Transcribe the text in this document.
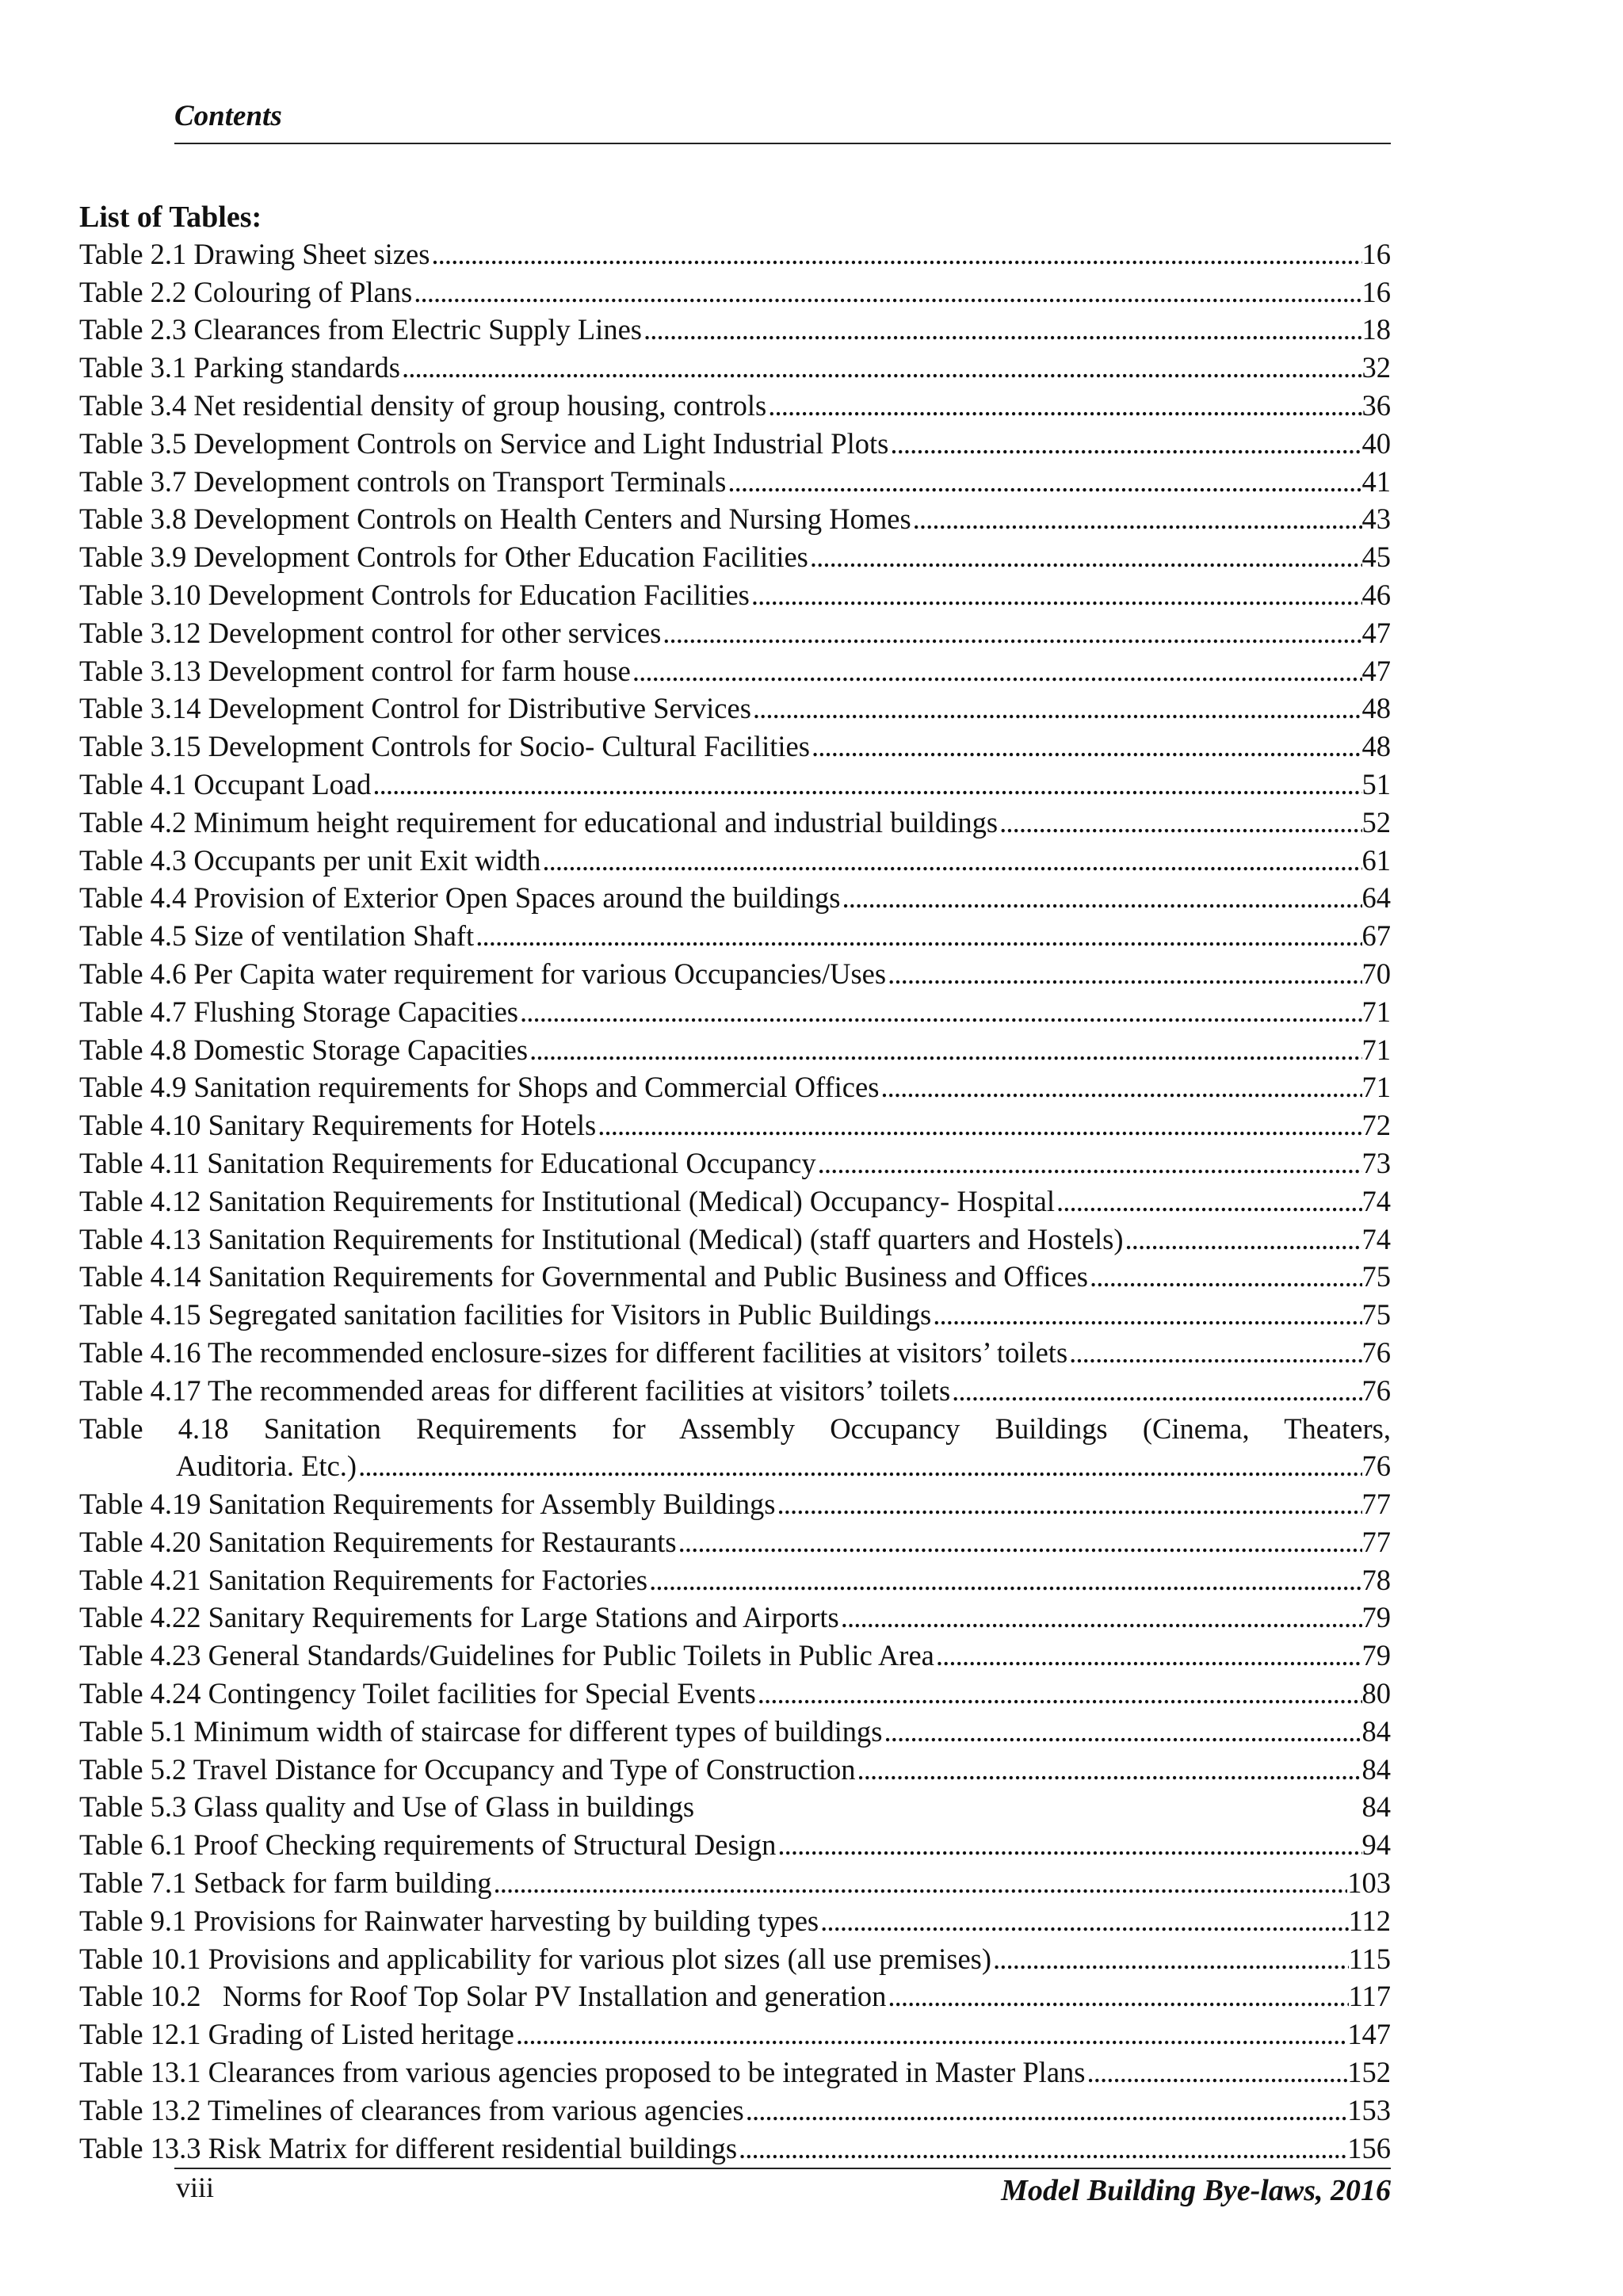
Contents
List of Tables:
Table 2.1 Drawing Sheet sizes . . .	16
Table 2.2 Colouring of Plans . . .	16
Table 2.3 Clearances from Electric Supply Lines . . .	18
Table 3.1 Parking standards . . .	32
Table 3.4 Net residential density of group housing, controls . . .	36
Table 3.5 Development Controls on Service and Light Industrial Plots . . .	40
Table 3.7 Development controls on Transport Terminals . . .	41
Table 3.8 Development Controls on Health Centers and Nursing Homes . . .	43
Table 3.9 Development Controls for Other Education Facilities . . .	45
Table 3.10 Development Controls for Education Facilities . . .	46
Table 3.12 Development control for other services . . .	47
Table 3.13 Development control for farm house . . .	47
Table 3.14 Development Control for Distributive Services . . .	48
Table 3.15 Development Controls for Socio- Cultural Facilities . . .	48
Table 4.1 Occupant Load . . .	51
Table 4.2 Minimum height requirement for educational and industrial buildings . . .	52
Table 4.3 Occupants per unit Exit width . . .	61
Table 4.4 Provision of Exterior Open Spaces around the buildings . . .	64
Table 4.5 Size of ventilation Shaft . . .	67
Table 4.6 Per Capita water requirement for various Occupancies/Uses . . .	70
Table 4.7 Flushing Storage Capacities . . .	71
Table 4.8 Domestic Storage Capacities . . .	71
Table 4.9 Sanitation requirements for Shops and Commercial Offices . . .	71
Table 4.10 Sanitary Requirements for Hotels . . .	72
Table 4.11 Sanitation Requirements for Educational Occupancy . . .	73
Table 4.12 Sanitation Requirements for Institutional (Medical) Occupancy- Hospital . . .	74
Table 4.13 Sanitation Requirements for Institutional (Medical) (staff quarters and Hostels) . . .	74
Table 4.14 Sanitation Requirements for Governmental and Public Business and Offices . . .	75
Table 4.15 Segregated sanitation facilities for Visitors in Public Buildings . . .	75
Table 4.16 The recommended enclosure-sizes for different facilities at visitors’ toilets . . .	76
Table 4.17 The recommended areas for different facilities at visitors’ toilets . . .	76
Table 4.18 Sanitation Requirements for Assembly Occupancy Buildings (Cinema, Theaters,
Auditoria. Etc.) . . .	76
Table 4.19 Sanitation Requirements for Assembly Buildings . . .	77
Table 4.20 Sanitation Requirements for Restaurants . . .	77
Table 4.21 Sanitation Requirements for Factories . . .	78
Table 4.22 Sanitary Requirements for Large Stations and Airports . . .	79
Table 4.23 General Standards/Guidelines for Public Toilets in Public Area . . .	79
Table 4.24 Contingency Toilet facilities for Special Events . . .	80
Table 5.1 Minimum width of staircase for different types of buildings . . .	84
Table 5.2 Travel Distance for Occupancy and Type of Construction . . .	84
Table 5.3 Glass quality and Use of Glass in buildings	84
Table 6.1 Proof Checking requirements of Structural Design . . .	94
Table 7.1 Setback for farm building . . .	103
Table 9.1 Provisions for Rainwater harvesting by building types . . .	112
Table 10.1 Provisions and applicability for various plot sizes (all use premises) . . .	115
Table 10.2   Norms for Roof Top Solar PV Installation and generation . . .	117
Table 12.1 Grading of Listed heritage . . .	147
Table 13.1 Clearances from various agencies proposed to be integrated in Master Plans . . .	152
Table 13.2 Timelines of clearances from various agencies . . .	153
Table 13.3 Risk Matrix for different residential buildings . . .	156
viii	Model Building Bye-laws, 2016
